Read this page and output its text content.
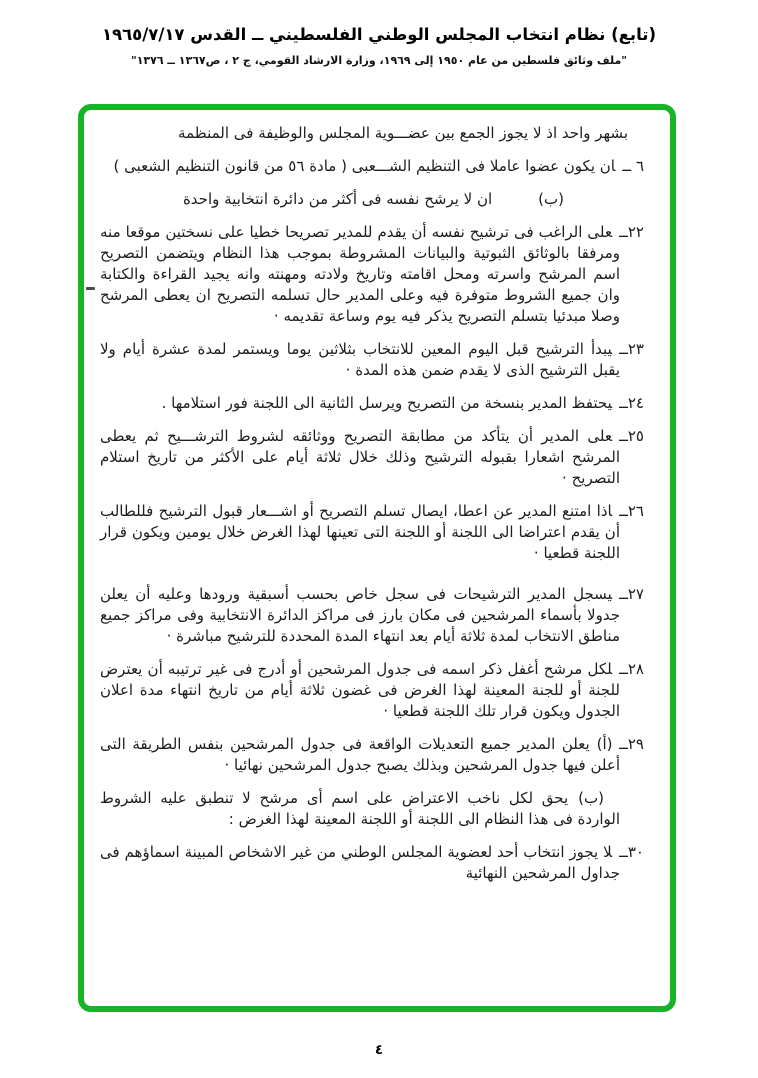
(تابع) نظام انتخاب المجلس الوطني الفلسطيني ــ القدس ١٩٦٥/٧/١٧
"ملف وثائق فلسطين من عام ١٩٥٠ إلى ١٩٦٩، وزارة الارشاد القومي، ج ٢ ، ص١٣٦٧ ــ ١٣٧٦"

بشهر واحد اذ لا يجوز الجمع بين عضـــوية المجلس والوظيفة فى المنظمة

٦ ــان يكون عضوا عاملا فى التنظيم الشـــعبى ( مادة ٥٦ من قانون التنظيم الشعبى )

(ب)ان لا يرشح نفسه فى أكثر من دائرة انتخابية واحدة

٢٢ــعلى الراغب فى ترشيح نفسه أن يقدم للمدير تصريحا خطيا على نسختين موقعا منه ومرفقا بالوثائق الثبوتية والبيانات المشروطة بموجب هذا النظام ويتضمن التصريح اسم المرشح واسرته ومحل اقامته وتاريخ ولادته ومهنته وانه يجيد القراءة والكتابة وان جميع الشروط متوفرة فيه وعلى المدير حال تسلمه التصريح ان يعطى المرشح وصلا مبدئيا بتسلم التصريح يذكر فيه يوم وساعة تقديمه ·

٢٣ــيبدأ الترشيح قبل اليوم المعين للانتخاب بثلاثين يوما ويستمر لمدة عشرة أيام ولا يقبل الترشيح الذى لا يقدم ضمن هذه المدة ·

٢٤ــيحتفظ المدير بنسخة من التصريح ويرسل الثانية الى اللجنة فور استلامها .

٢٥ــعلى المدير أن يتأكد من مطابقة التصريح ووثائقه لشروط الترشـــيح ثم يعطى المرشح اشعارا بقبوله الترشيح وذلك خلال ثلاثة أيام على الأكثر من تاريخ استلام التصريح ·

٢٦ــاذا امتنع المدير عن اعطا، ايصال تسلم التصريح أو اشـــعار قبول الترشيح فللطالب أن يقدم اعتراضا الى اللجنة أو اللجنة التى تعينها لهذا الغرض خلال يومين ويكون قرار اللجنة قطعيا ·

٢٧ــيسجل المدير الترشيحات فى سجل خاص بحسب أسبقية ورودها وعليه أن يعلن جدولا بأسماء المرشحين فى مكان بارز فى مراكز الدائرة الانتخابية وفى مراكز جميع مناطق الانتخاب لمدة ثلاثة أيام بعد انتهاء المدة المحددة للترشيح مباشرة ·

٢٨ــلكل مرشح أغفل ذكر اسمه فى جدول المرشحين أو أدرج فى غير ترتيبه أن يعترض للجنة أو للجنة المعينة لهذا الغرض فى غضون ثلاثة أيام من تاريخ انتهاء مدة اعلان الجدول ويكون قرار تلك اللجنة قطعيا ·

٢٩ــ (أ)يعلن المدير جميع التعديلات الواقعة فى جدول المرشحين بنفس الطريقة التى أعلن فيها جدول المرشحين وبذلك يصبح جدول المرشحين نهائيا ·

(ب)يحق لكل ناخب الاعتراض على اسم أى مرشح لا تنطبق عليه الشروط الواردة فى هذا النظام الى اللجنة أو اللجنة المعينة لهذا الغرض :

٣٠ــلا يجوز انتخاب أحد لعضوية المجلس الوطني من غير الاشخاص المبينة اسماؤهم فى جداول المرشحين النهائية

٤
